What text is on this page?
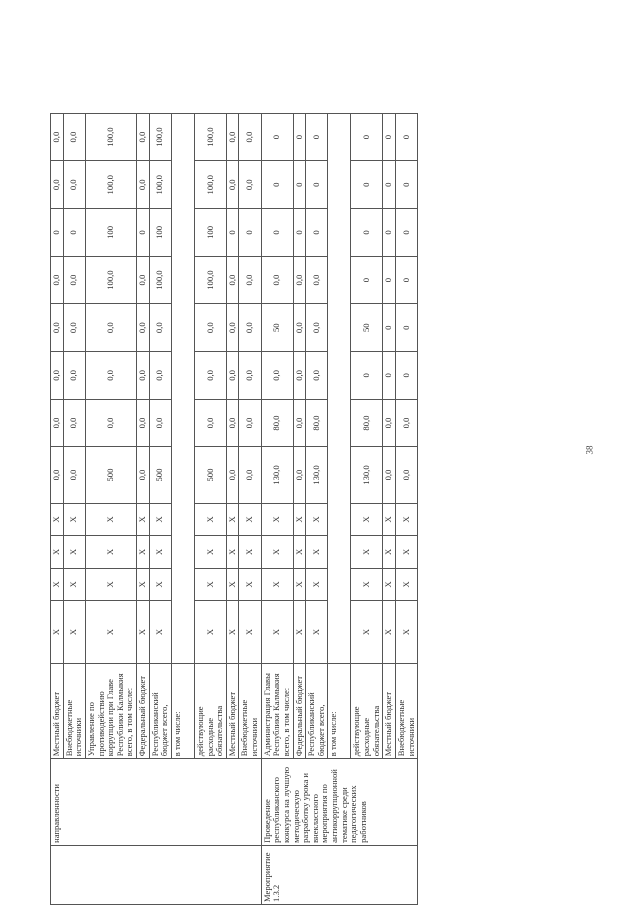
	направленности	Местный бюджет	X	X	X	X	0,0	0,0	0,0	0,0	0,0	0	0,0	0,0
		Внебюджетные источники	X	X	X	X	0,0	0,0	0,0	0,0	0,0	0	0,0	0,0
		Управление по противодействию коррупции при Главе Республики Калмыкия всего, в том числе:	X	X	X	X	500	0,0	0,0	0,0	100,0	100	100,0	100,0
		Федеральный бюджет	X	X	X	X	0,0	0,0	0,0	0,0	0,0	0	0,0	0,0
		Республиканский бюджет всего,	X	X	X	X	500	0,0	0,0	0,0	100,0	100	100,0	100,0
		в том числе:												
		действующие расходные обязательства	X	X	X	X	500	0,0	0,0	0,0	100,0	100	100,0	100,0
		Местный бюджет	X	X	X	X	0,0	0,0	0,0	0,0	0,0	0	0,0	0,0
		Внебюджетные источники	X	X	X	X	0,0	0,0	0,0	0,0	0,0	0	0,0	0,0
Мероприятие 1.3.2	Проведение республиканского конкурса на лучшую методическую разработку урока и внеклассного мероприятия по антикоррупционной тематике среди педагогических работников	Администрация Главы Республики Калмыкия всего, в том числе:	X	X	X	X	130,0	80,0	0,0	50	0,0	0	0	0
		Федеральный бюджет	X	X	X	X	0,0	0,0	0,0	0,0	0,0	0	0	0
		Республиканский бюджет всего,	X	X	X	X	130,0	80,0	0,0	0,0	0,0	0	0	0
		в том числе:												
		действующие расходные обязательства	X	X	X	X	130,0	80,0	0	50	0	0	0	0
		Местный бюджет	X	X	X	X	0,0	0,0	0	0	0	0	0	0
		Внебюджетные источники	X	X	X	X	0,0	0,0	0	0	0	0	0	0
38
